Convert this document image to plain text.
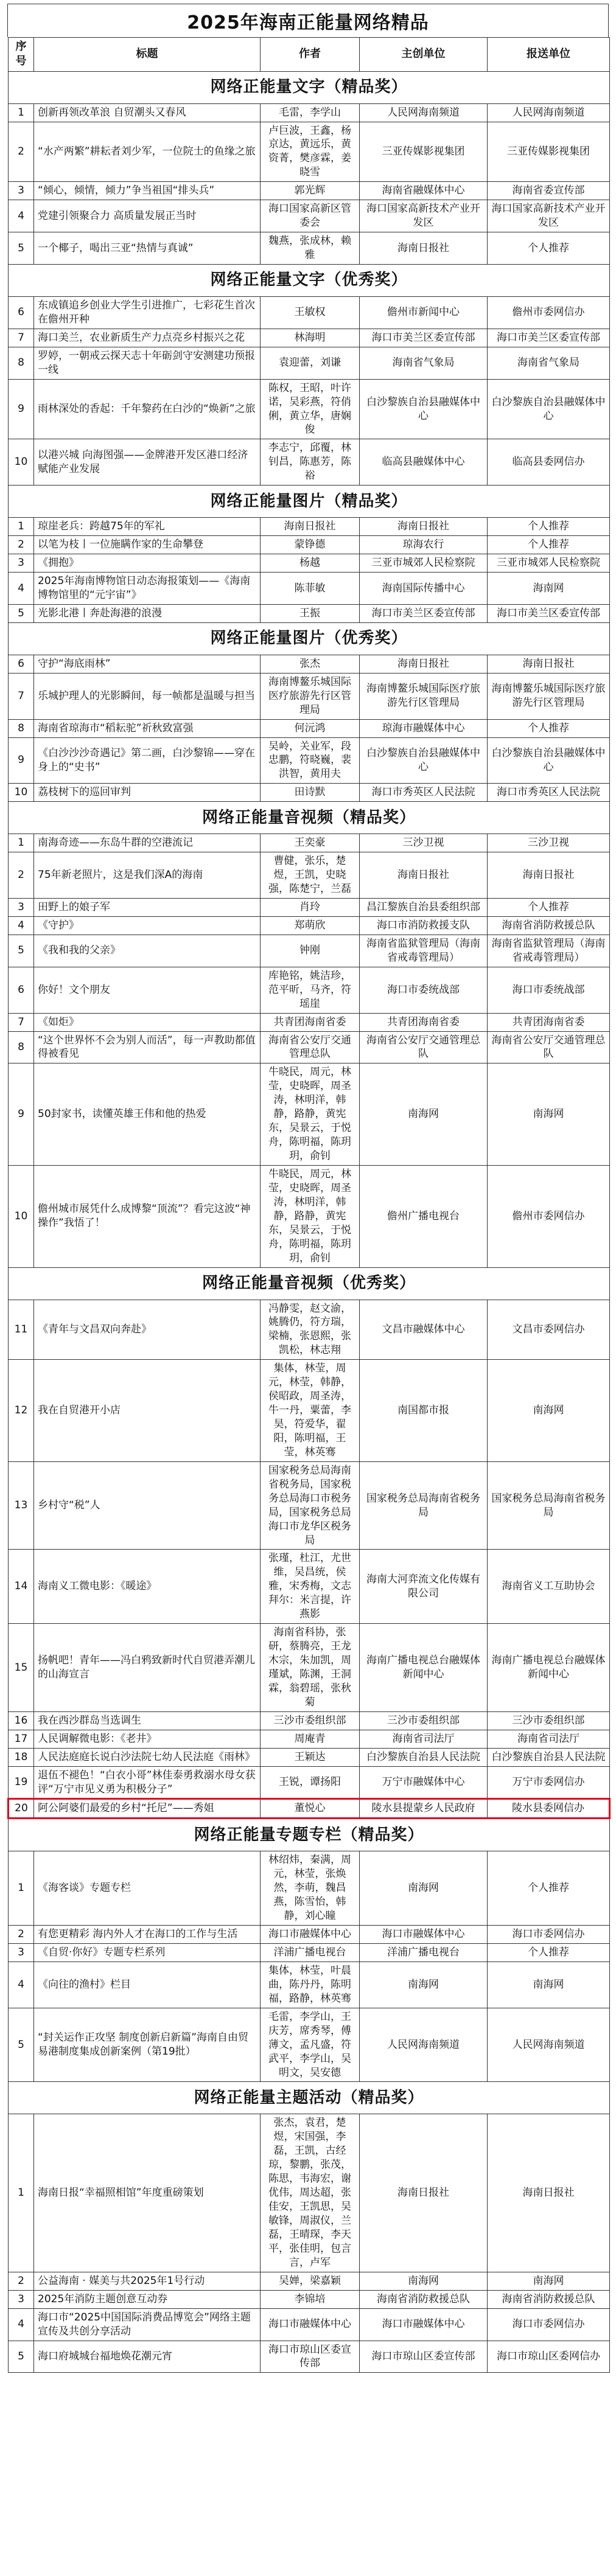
2025年海南正能量网络精品
序号	标题	作者	主创单位	报送单位
网络正能量文字（精品奖）				
1	创新再领改革浪 自贸潮头又春风	毛雷，李学山	人民网海南频道	人民网海南频道
2	“水产两繁”耕耘者刘少军，一位院士的鱼缘之旅	卢巨波，王鑫，杨京达，黄远乐，黄资菁，樊彦霖，姜晓雪	三亚传媒影视集团	三亚传媒影视集团
3	“倾心，倾情，倾力”争当祖国“排头兵”	郭光辉	海南省融媒体中心	海南省委宣传部
4	党建引领聚合力 高质量发展正当时	海口国家高新区管委会	海口国家高新技术产业开发区	海口国家高新技术产业开发区
5	一个椰子，喝出三亚“热情与真诚”	魏燕，张成林，赖雅	海南日报社	个人推荐
网络正能量文字（优秀奖）				
6	东成镇追乡创业大学生引进推广，七彩花生首次在儋州开种	王敏权	儋州市新闻中心	儋州市委网信办
7	海口美兰，农业新质生产力点亮乡村振兴之花	林海明	海口市美兰区委宣传部	海口市美兰区委宣传部
8	罗婷，一朝戒云探天志十年砺剑守安测建功预报一线	袁迎蕾，刘谦	海南省气象局	海南省气象局
9	雨林深处的香起：千年黎药在白沙的“焕新”之旅	陈权，王昭，叶许诺，吴彩燕，符俏俐，黄立华，唐娴俊	白沙黎族自治县融媒体中心	白沙黎族自治县融媒体中心
10	以港兴城 向海图强——金牌港开发区港口经济赋能产业发展	李志宁，邱覆，林钊昌，陈惠芳，陈裕	临高县融媒体中心	临高县委网信办
网络正能量图片（精品奖）				
1	琼崖老兵：跨越75年的军礼	海南日报社	海南日报社	个人推荐
2	以笔为枝丨一位施瞒作家的生命攀登	蒙铮德	琼海农行	个人推荐
3	《拥抱》	杨越	三亚市城郊人民检察院	三亚市城郊人民检察院
4	2025年海南博物馆日动态海报策划——《海南博物馆里的“元宇宙”》	陈菲敏	海南国际传播中心	海南网
5	光影北港丨奔赴海港的浪漫	王振	海口市美兰区委宣传部	海口市美兰区委宣传部
网络正能量图片（优秀奖）				
6	守护“海底雨林”	张杰	海南日报社	海南日报社
7	乐城护理人的光影瞬间，每一帧都是温暖与担当	海南博鳌乐城国际医疗旅游先行区管理局	海南博鳌乐城国际医疗旅游先行区管理局	海南博鳌乐城国际医疗旅游先行区管理局
8	海南省琼海市“稻耘驼”祈秋致富强	何沅鸿	琼海市融媒体中心	个人推荐
9	《白沙沙沙奇遇记》第二画，白沙黎锦——穿在身上的“史书”	吴岭，关业军，段忠鹏，符晓巍，裴洪智，黄用夫	白沙黎族自治县融媒体中心	白沙黎族自治县融媒体中心
10	荔枝树下的巡回审判	田诗默	海口市秀英区人民法院	海口市秀英区人民法院
网络正能量音视频（精品奖）				
1	南海奇迹——东岛牛群的空港流记	王奕豪	三沙卫视	三沙卫视
2	75年新老照片，这是我们深A的海南	曹健，张乐，楚煜，王凯，史晓强，陈楚宁，兰磊	海南日报社	海南日报社
3	田野上的娘子军	肖玲	昌江黎族自治县委组织部	个人推荐
4	《守护》	郑萌欣	海口市消防救援支队	海南省消防救援总队
5	《我和我的父亲》	钟刚	海南省监狱管理局（海南省戒毒管理局）	海南省监狱管理局（海南省戒毒管理局）
6	你好！文个朋友	库艳铭，姚洁珍，范平昕，马齐，符瑶崖	海口市委统战部	海口市委统战部
7	《如炬》	共青团海南省委	共青团海南省委	共青团海南省委
8	“这个世界怀不会为别人而活”，每一声教助都值得被看见	海南省公安厅交通管理总队	海南省公安厅交通管理总队	海南省公安厅交通管理总队
9	50封家书，读懂英雄王伟和他的热爱	牛晓民，周元，林莹，史晓晖，周圣涛，林明洋，韩静，路静，黄宪东，吴景云，于悦舟，陈明福，陈玥玥，俞钊	南海网	南海网
10	儋州城市展凭什么成博黎“顶流”？看完这波“神操作”我悟了！	牛晓民，周元，林莹，史晓晖，周圣涛，林明洋，韩静，路静，黄宪东，吴景云，于悦舟，陈明福，陈玥玥，俞钊	儋州广播电视台	儋州市委网信办
网络正能量音视频（优秀奖）				
11	《青年与文昌双向奔赴》	冯静雯，赵文渝，姚腾仍，符方瑞，梁楠，张恩熙，张凯松，林志翔	文昌市融媒体中心	文昌市委网信办
12	我在自贸港开小店	集体，林莹，周元，林莹，韩静，侯昭政，周圣涛，牛一丹，粟蕾，李昊，符爱华，翟阳，陈明福，王莹，林英骞	南国都市报	南海网
13	乡村守“税”人	国家税务总局海南省税务局，国家税务总局海口市税务局，国家税务总局海口市龙华区税务局	国家税务总局海南省税务局	国家税务总局海南省税务局
14	海南义工微电影：《暖途》	张瑾，杜江，尤世维，吴昌统，侯雅，宋秀梅，文志拜尔：米言提，许燕影	海南大河弈流文化传媒有限公司	海南省义工互助协会
15	扬帆吧！青年——冯白鸦致新时代自贸港弄潮儿的山海宣言	海南省科协，张研，蔡腾亮，王龙木宗，朱加凯，周瑾斌，陈渊，王洞霖，翁碧瑶，张秋菊	海南广播电视总台融媒体新闻中心	海南广播电视总台融媒体新闻中心
16	我在西沙群岛当选调生	三沙市委组织部	三沙市委组织部	三沙市委组织部
17	人民调解微电影：《老井》	周庵青	海南省司法厅	海南省司法厅
18	人民法庭庭长说白沙法院七幼人民法庭《雨林》	王颖达	白沙黎族自治县人民法院	白沙黎族自治县人民法院
19	退伍不褪色！“白衣小哥”林佳泰勇救溺水母女获评“万宁市见义勇为积极分子”	王锐，谭扬阳	万宁市融媒体中心	万宁市委网信办
20	阿公阿婆们最爱的乡村“托尼”——秀姐	董悦心	陵水县提蒙乡人民政府	陵水县委网信办
网络正能量专题专栏（精品奖）				
1	《海客谈》专题专栏	林绍炜，秦满，周元，林莹，张焕然，李萌，魏昌燕，陈雪怡，韩静，刘心瞳	南海网	个人推荐
2	有您更精彩 海内外人才在海口的工作与生活	海口市融媒体中心	海口市融媒体中心	海口市委网信办
3	《自贸·你好》专题专栏系列	洋浦广播电视台	洋浦广播电视台	个人推荐
4	《向往的渔村》栏目	集体，林莹，叶晨曲，陈丹丹，陈明福，路静，林英骞	南海网	南海网
5	“封关运作正攻坚 制度创新启新篇”海南自由贸易港制度集成创新案例（第19批）	毛雷，李学山，王庆芳，席秀琴，傅薄文，孟凡盛，符武平，李学山，吴明文，吴安德	人民网海南频道	人民网海南频道
网络正能量主题活动（精品奖）				
1	海南日报“幸福照相馆”年度重磅策划	张杰，袁君，楚煜，宋国强，李磊，王凯，古经琼，黎鹏，张茂，陈思，韦海宏，谢优伟，周达超，张佳安，王凯思，吴敏锋，周淑仪，兰磊，王晴琛，李天平，张佳明，包言言，卢军	海南日报社	海南日报社
2	公益海南 · 媒美与共2025年1号行动	吴婵，梁嘉颖	南海网	南海网
3	2025年消防主题创意互动券	李锦培	海南省消防救援总队	海南省消防救援总队
4	海口市“2025中国国际消费品博览会”网络主题宣传及共创分享活动	海口市融媒体中心	海口市融媒体中心	海口市委网信办
5	海口府城城台福地焕花潮元宵	海口市琼山区委宣传部	海口市琼山区委宣传部	海口市琼山区委网信办
